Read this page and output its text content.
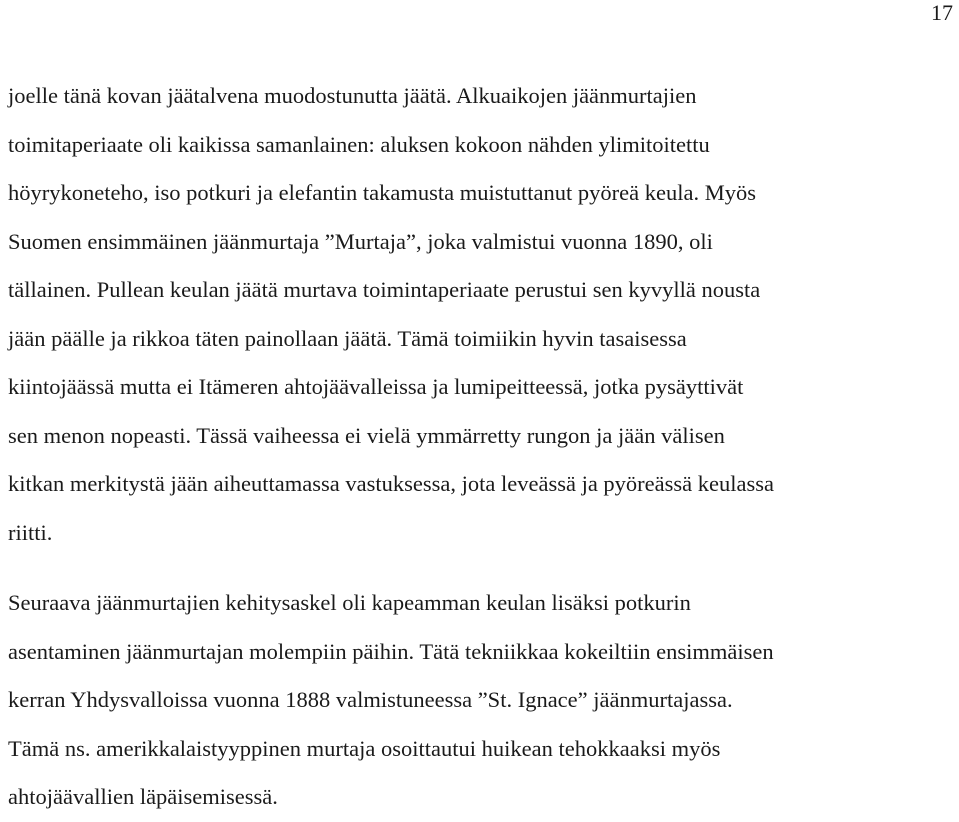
17
joelle tänä kovan jäätalvena muodostunutta jäätä. Alkuaikojen jäänmurtajien
toimitaperiaate oli kaikissa samanlainen: aluksen kokoon nähden ylimitoitettu
höyrykoneteho, iso potkuri ja elefantin takamusta muistuttanut pyöreä keula. Myös
Suomen ensimmäinen jäänmurtaja ”Murtaja”, joka valmistui vuonna 1890, oli
tällainen. Pullean keulan jäätä murtava toimintaperiaate perustui sen kyvyllä nousta
jään päälle ja rikkoa täten painollaan jäätä. Tämä toimiikin hyvin tasaisessa
kiintojäässä mutta ei Itämeren ahtojäävalleissa ja lumipeitteessä, jotka pysäyttivät
sen menon nopeasti. Tässä vaiheessa ei vielä ymmärretty rungon ja jään välisen
kitkan merkitystä jään aiheuttamassa vastuksessa, jota leveässä ja pyöreässä keulassa
riitti.
Seuraava jäänmurtajien kehitysaskel oli kapeamman keulan lisäksi potkurin
asentaminen jäänmurtajan molempiin päihin. Tätä tekniikkaa kokeiltiin ensimmäisen
kerran Yhdysvalloissa vuonna 1888 valmistuneessa ”St. Ignace” jäänmurtajassa.
Tämä ns. amerikkalaistyyppinen murtaja osoittautui huikean tehokkaaksi myös
ahtojäävallien läpäisemisessä.
